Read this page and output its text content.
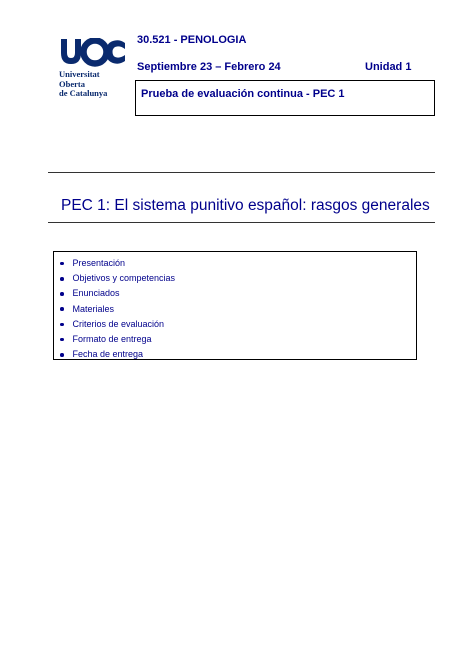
Universitat
Oberta
de Catalunya
30.521 - PENOLOGIA
Septiembre 23 – Febrero 24	Unidad 1
Prueba de evaluación continua - PEC 1
PEC 1: El sistema punitivo español: rasgos generales
Presentación
Objetivos y competencias
Enunciados
Materiales
Criterios de evaluación
Formato de entrega
Fecha de entrega
